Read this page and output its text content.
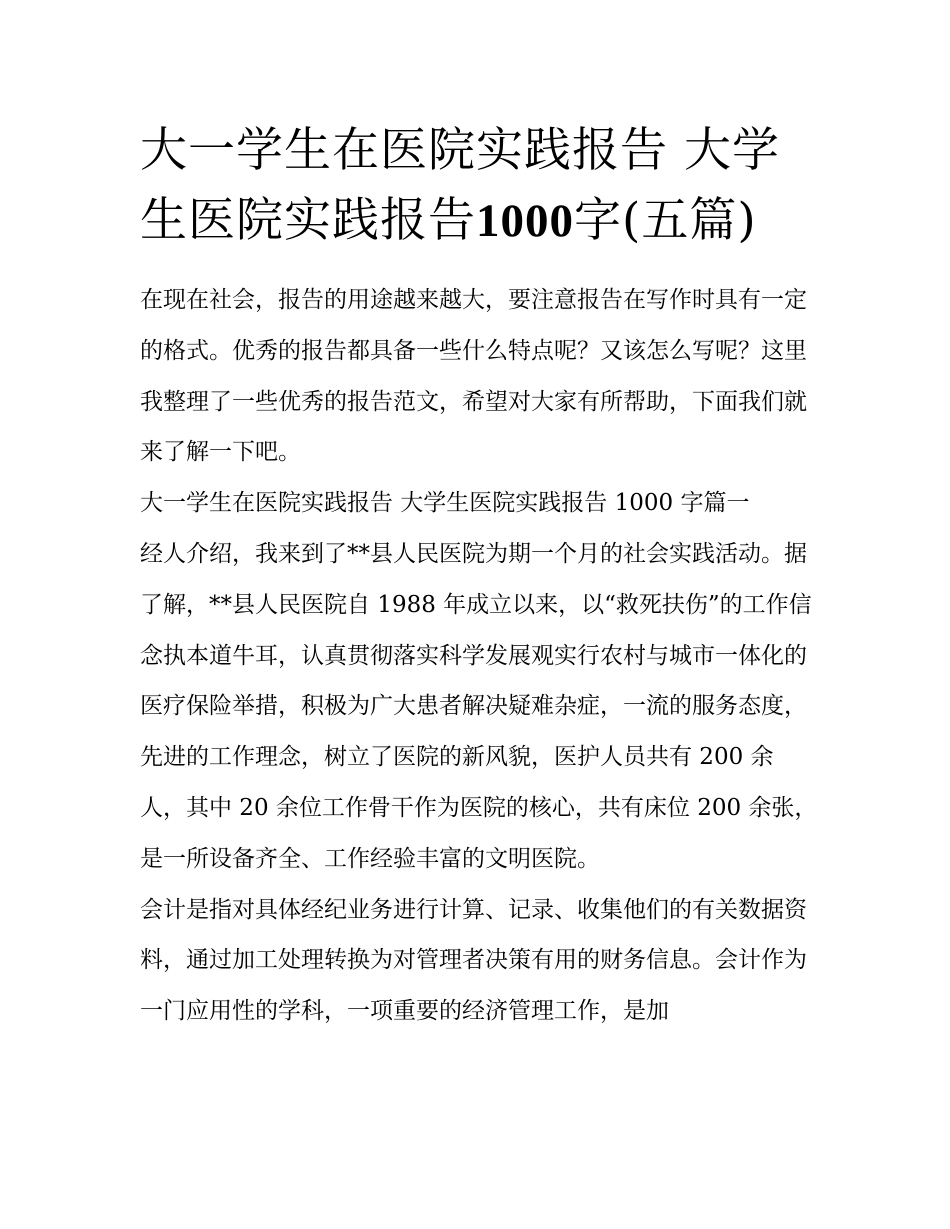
大一学生在医院实践报告 大学生医院实践报告1000字(五篇)

在现在社会，报告的用途越来越大，要注意报告在写作时具有一定的格式。优秀的报告都具备一些什么特点呢？又该怎么写呢？这里我整理了一些优秀的报告范文，希望对大家有所帮助，下面我们就来了解一下吧。

大一学生在医院实践报告 大学生医院实践报告 1000 字篇一

经人介绍，我来到了**县人民医院为期一个月的社会实践活动。据了解，**县人民医院自 1988 年成立以来，以“救死扶伤”的工作信念执本道牛耳，认真贯彻落实科学发展观实行农村与城市一体化的医疗保险举措，积极为广大患者解决疑难杂症，一流的服务态度，先进的工作理念，树立了医院的新风貌，医护人员共有 200 余人，其中 20 余位工作骨干作为医院的核心，共有床位 200 余张，是一所设备齐全、工作经验丰富的文明医院。

会计是指对具体经纪业务进行计算、记录、收集他们的有关数据资料，通过加工处理转换为对管理者决策有用的财务信息。会计作为一门应用性的学科，一项重要的经济管理工作，是加
